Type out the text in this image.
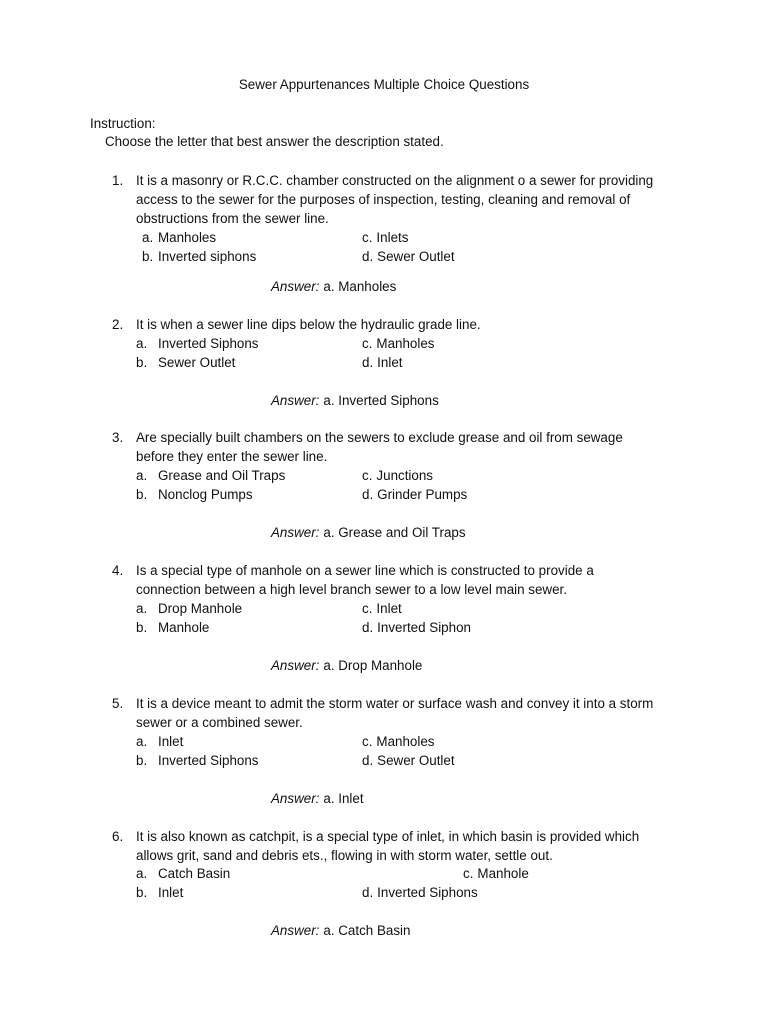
Sewer Appurtenances Multiple Choice Questions
Instruction:
Choose the letter that best answer the description stated.
1. It is a masonry or R.C.C. chamber constructed on the alignment o a sewer for providing
access to the sewer for the purposes of inspection, testing, cleaning and removal of
obstructions from the sewer line.
a. Manholes
b. Inverted siphons
c. Inlets
d. Sewer Outlet
Answer: a. Manholes
2. It is when a sewer line dips below the hydraulic grade line.
a. Inverted Siphons
b. Sewer Outlet
c. Manholes
d. Inlet
Answer: a. Inverted Siphons
3. Are specially built chambers on the sewers to exclude grease and oil from sewage
before they enter the sewer line.
a. Grease and Oil Traps
b. Nonclog Pumps
c. Junctions
d. Grinder Pumps
Answer: a. Grease and Oil Traps
4. Is a special type of manhole on a sewer line which is constructed to provide a
connection between a high level branch sewer to a low level main sewer.
a. Drop Manhole
b. Manhole
c. Inlet
d. Inverted Siphon
Answer: a. Drop Manhole
5. It is a device meant to admit the storm water or surface wash and convey it into a storm
sewer or a combined sewer.
a. Inlet
b. Inverted Siphons
c. Manholes
d. Sewer Outlet
Answer: a. Inlet
6. It is also known as catchpit, is a special type of inlet, in which basin is provided which
allows grit, sand and debris ets., flowing in with storm water, settle out.
a. Catch Basin
b. Inlet
c. Manhole
d. Inverted Siphons
Answer: a. Catch Basin
